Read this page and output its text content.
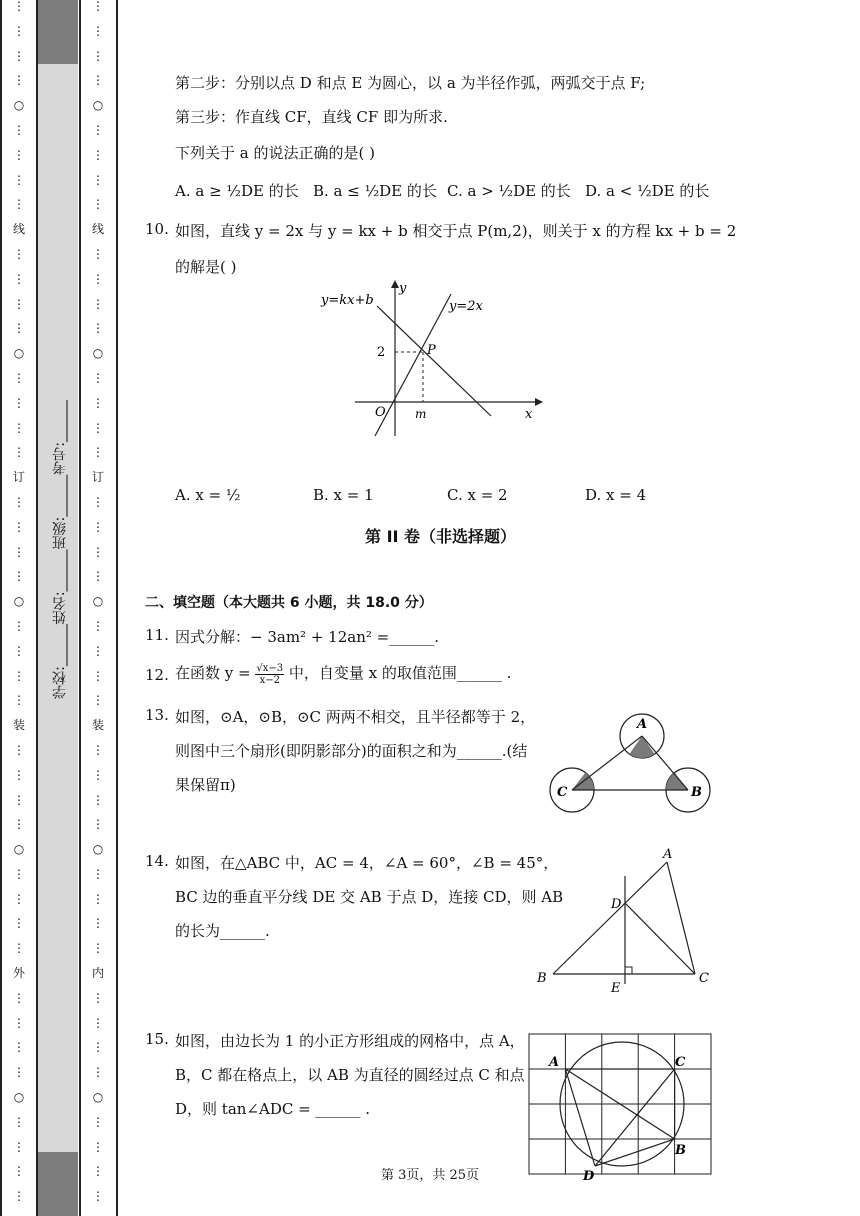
⋮
⋮
⋮
⋮
○
⋮
⋮
⋮
⋮
线
⋮
⋮
⋮
⋮
○
⋮
⋮
⋮
⋮
订
⋮
⋮
⋮
⋮
○
⋮
⋮
⋮
⋮
装
⋮
⋮
⋮
⋮
○
⋮
⋮
⋮
⋮
外
⋮
⋮
⋮
⋮
○
⋮
⋮
⋮
⋮
⋮
⋮
⋮
⋮
○
⋮
⋮
⋮
⋮
线
⋮
⋮
⋮
⋮
○
⋮
⋮
⋮
⋮
订
⋮
⋮
⋮
⋮
○
⋮
⋮
⋮
⋮
装
⋮
⋮
⋮
⋮
○
⋮
⋮
⋮
⋮
内
⋮
⋮
⋮
⋮
○
⋮
⋮
⋮
⋮
学校:______姓名:______班级:______考号:______
第二步：分别以点 D 和点 E 为圆心，以 a 为半径作弧，两弧交于点 F;
第三步：作直线 CF，直线 CF 即为所求.
下列关于 a 的说法正确的是( )
A. a ≥ ½DE 的长 B. a ≤ ½DE 的长 C. a > ½DE 的长 D. a < ½DE 的长
10. 如图，直线 y = 2x 与 y = kx + b 相交于点 P(m,2)，则关于 x 的方程 kx + b = 2
的解是( )
y=kx+b	y=2x
y
x
O
P
m
2
A. x = ½	B. x = 1	C. x = 2	D. x = 4
第 II 卷（非选择题）
二、填空题（本大题共 6 小题，共 18.0 分）
11. 因式分解：− 3am² + 12an² =______.
12. 在函数 $y = \frac{√x-3}{x-2}$ 中，自变量 x 的取值范围______ .
13. 如图，⊙A，⊙B，⊙C 两两不相交，且半径都等于 2，
则图中三个扇形(即阴影部分)的面积之和为______.(结
果保留π)
A
C	B
14. 如图，在△ABC 中，AC = 4，∠A = 60°，∠B = 45°，
BC 边的垂直平分线 DE 交 AB 于点 D，连接 CD，则 AB
的长为______.
A
B	C
D
E
15. 如图，由边长为 1 的小正方形组成的网格中，点 A，
B，C 都在格点上，以 AB 为直径的圆经过点 C 和点
D，则 tan∠ADC = ______ .
A	C
B
D
第 3页，共 25页
